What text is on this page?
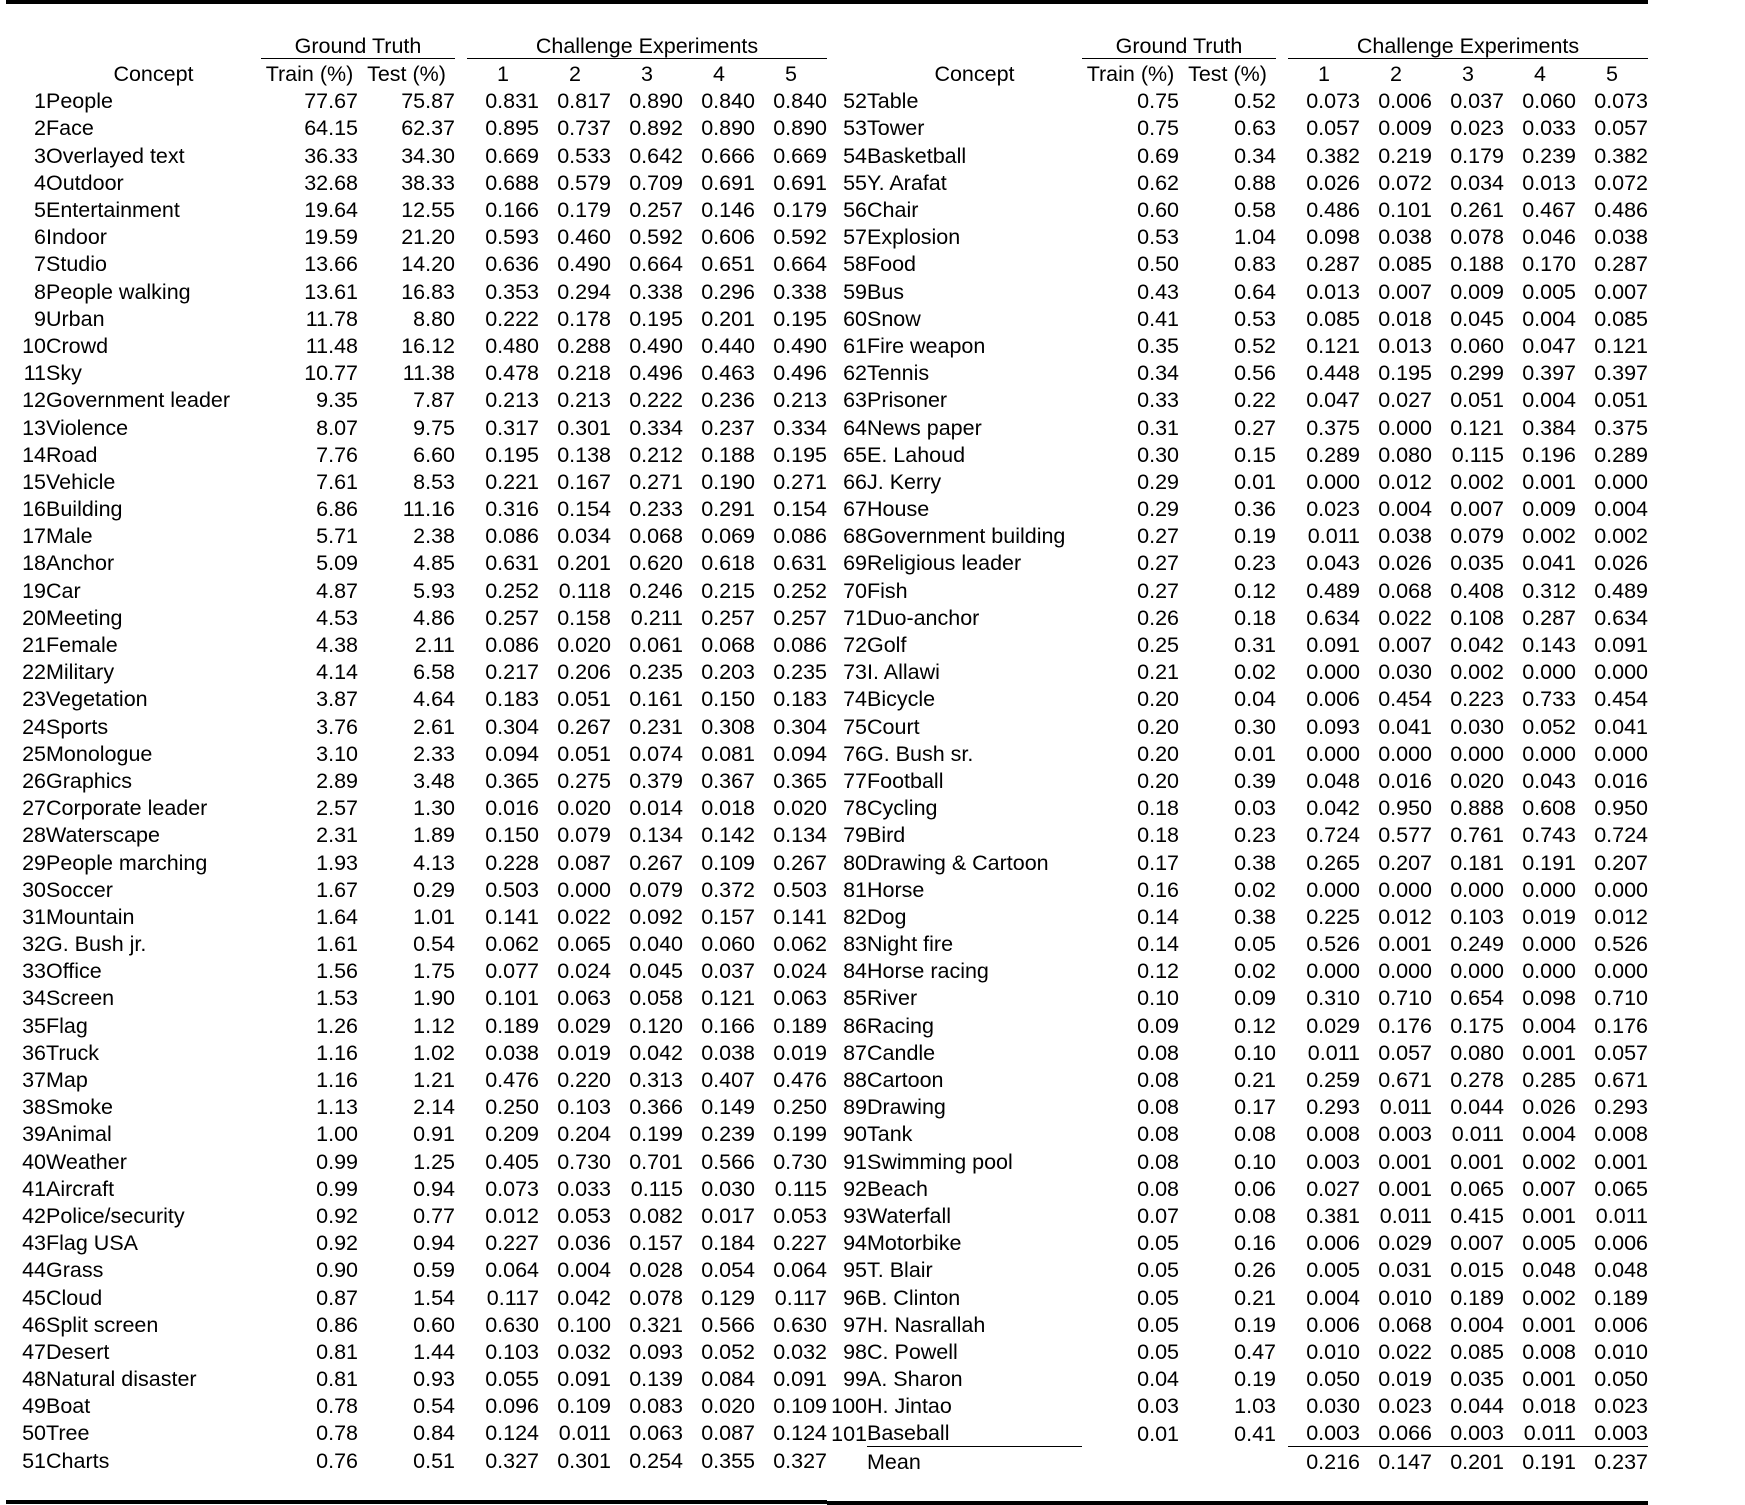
		Ground Truth			Challenge Experiments				
	Concept	Train (%)	Test (%)		1	2	3	4	5
1	People	77.67	75.87		0.831	0.817	0.890	0.840	0.840
2	Face	64.15	62.37		0.895	0.737	0.892	0.890	0.890
3	Overlayed text	36.33	34.30		0.669	0.533	0.642	0.666	0.669
4	Outdoor	32.68	38.33		0.688	0.579	0.709	0.691	0.691
5	Entertainment	19.64	12.55		0.166	0.179	0.257	0.146	0.179
6	Indoor	19.59	21.20		0.593	0.460	0.592	0.606	0.592
7	Studio	13.66	14.20		0.636	0.490	0.664	0.651	0.664
8	People walking	13.61	16.83		0.353	0.294	0.338	0.296	0.338
9	Urban	11.78	8.80		0.222	0.178	0.195	0.201	0.195
10	Crowd	11.48	16.12		0.480	0.288	0.490	0.440	0.490
11	Sky	10.77	11.38		0.478	0.218	0.496	0.463	0.496
12	Government leader	9.35	7.87		0.213	0.213	0.222	0.236	0.213
13	Violence	8.07	9.75		0.317	0.301	0.334	0.237	0.334
14	Road	7.76	6.60		0.195	0.138	0.212	0.188	0.195
15	Vehicle	7.61	8.53		0.221	0.167	0.271	0.190	0.271
16	Building	6.86	11.16		0.316	0.154	0.233	0.291	0.154
17	Male	5.71	2.38		0.086	0.034	0.068	0.069	0.086
18	Anchor	5.09	4.85		0.631	0.201	0.620	0.618	0.631
19	Car	4.87	5.93		0.252	0.118	0.246	0.215	0.252
20	Meeting	4.53	4.86		0.257	0.158	0.211	0.257	0.257
21	Female	4.38	2.11		0.086	0.020	0.061	0.068	0.086
22	Military	4.14	6.58		0.217	0.206	0.235	0.203	0.235
23	Vegetation	3.87	4.64		0.183	0.051	0.161	0.150	0.183
24	Sports	3.76	2.61		0.304	0.267	0.231	0.308	0.304
25	Monologue	3.10	2.33		0.094	0.051	0.074	0.081	0.094
26	Graphics	2.89	3.48		0.365	0.275	0.379	0.367	0.365
27	Corporate leader	2.57	1.30		0.016	0.020	0.014	0.018	0.020
28	Waterscape	2.31	1.89		0.150	0.079	0.134	0.142	0.134
29	People marching	1.93	4.13		0.228	0.087	0.267	0.109	0.267
30	Soccer	1.67	0.29		0.503	0.000	0.079	0.372	0.503
31	Mountain	1.64	1.01		0.141	0.022	0.092	0.157	0.141
32	G. Bush jr.	1.61	0.54		0.062	0.065	0.040	0.060	0.062
33	Office	1.56	1.75		0.077	0.024	0.045	0.037	0.024
34	Screen	1.53	1.90		0.101	0.063	0.058	0.121	0.063
35	Flag	1.26	1.12		0.189	0.029	0.120	0.166	0.189
36	Truck	1.16	1.02		0.038	0.019	0.042	0.038	0.019
37	Map	1.16	1.21		0.476	0.220	0.313	0.407	0.476
38	Smoke	1.13	2.14		0.250	0.103	0.366	0.149	0.250
39	Animal	1.00	0.91		0.209	0.204	0.199	0.239	0.199
40	Weather	0.99	1.25		0.405	0.730	0.701	0.566	0.730
41	Aircraft	0.99	0.94		0.073	0.033	0.115	0.030	0.115
42	Police/security	0.92	0.77		0.012	0.053	0.082	0.017	0.053
43	Flag USA	0.92	0.94		0.227	0.036	0.157	0.184	0.227
44	Grass	0.90	0.59		0.064	0.004	0.028	0.054	0.064
45	Cloud	0.87	1.54		0.117	0.042	0.078	0.129	0.117
46	Split screen	0.86	0.60		0.630	0.100	0.321	0.566	0.630
47	Desert	0.81	1.44		0.103	0.032	0.093	0.052	0.032
48	Natural disaster	0.81	0.93		0.055	0.091	0.139	0.084	0.091
49	Boat	0.78	0.54		0.096	0.109	0.083	0.020	0.109
50	Tree	0.78	0.84		0.124	0.011	0.063	0.087	0.124
51	Charts	0.76	0.51		0.327	0.301	0.254	0.355	0.327

		Ground Truth			Challenge Experiments				
	Concept	Train (%)	Test (%)		1	2	3	4	5
52	Table	0.75	0.52		0.073	0.006	0.037	0.060	0.073
53	Tower	0.75	0.63		0.057	0.009	0.023	0.033	0.057
54	Basketball	0.69	0.34		0.382	0.219	0.179	0.239	0.382
55	Y. Arafat	0.62	0.88		0.026	0.072	0.034	0.013	0.072
56	Chair	0.60	0.58		0.486	0.101	0.261	0.467	0.486
57	Explosion	0.53	1.04		0.098	0.038	0.078	0.046	0.038
58	Food	0.50	0.83		0.287	0.085	0.188	0.170	0.287
59	Bus	0.43	0.64		0.013	0.007	0.009	0.005	0.007
60	Snow	0.41	0.53		0.085	0.018	0.045	0.004	0.085
61	Fire weapon	0.35	0.52		0.121	0.013	0.060	0.047	0.121
62	Tennis	0.34	0.56		0.448	0.195	0.299	0.397	0.397
63	Prisoner	0.33	0.22		0.047	0.027	0.051	0.004	0.051
64	News paper	0.31	0.27		0.375	0.000	0.121	0.384	0.375
65	E. Lahoud	0.30	0.15		0.289	0.080	0.115	0.196	0.289
66	J. Kerry	0.29	0.01		0.000	0.012	0.002	0.001	0.000
67	House	0.29	0.36		0.023	0.004	0.007	0.009	0.004
68	Government building	0.27	0.19		0.011	0.038	0.079	0.002	0.002
69	Religious leader	0.27	0.23		0.043	0.026	0.035	0.041	0.026
70	Fish	0.27	0.12		0.489	0.068	0.408	0.312	0.489
71	Duo-anchor	0.26	0.18		0.634	0.022	0.108	0.287	0.634
72	Golf	0.25	0.31		0.091	0.007	0.042	0.143	0.091
73	I. Allawi	0.21	0.02		0.000	0.030	0.002	0.000	0.000
74	Bicycle	0.20	0.04		0.006	0.454	0.223	0.733	0.454
75	Court	0.20	0.30		0.093	0.041	0.030	0.052	0.041
76	G. Bush sr.	0.20	0.01		0.000	0.000	0.000	0.000	0.000
77	Football	0.20	0.39		0.048	0.016	0.020	0.043	0.016
78	Cycling	0.18	0.03		0.042	0.950	0.888	0.608	0.950
79	Bird	0.18	0.23		0.724	0.577	0.761	0.743	0.724
80	Drawing & Cartoon	0.17	0.38		0.265	0.207	0.181	0.191	0.207
81	Horse	0.16	0.02		0.000	0.000	0.000	0.000	0.000
82	Dog	0.14	0.38		0.225	0.012	0.103	0.019	0.012
83	Night fire	0.14	0.05		0.526	0.001	0.249	0.000	0.526
84	Horse racing	0.12	0.02		0.000	0.000	0.000	0.000	0.000
85	River	0.10	0.09		0.310	0.710	0.654	0.098	0.710
86	Racing	0.09	0.12		0.029	0.176	0.175	0.004	0.176
87	Candle	0.08	0.10		0.011	0.057	0.080	0.001	0.057
88	Cartoon	0.08	0.21		0.259	0.671	0.278	0.285	0.671
89	Drawing	0.08	0.17		0.293	0.011	0.044	0.026	0.293
90	Tank	0.08	0.08		0.008	0.003	0.011	0.004	0.008
91	Swimming pool	0.08	0.10		0.003	0.001	0.001	0.002	0.001
92	Beach	0.08	0.06		0.027	0.001	0.065	0.007	0.065
93	Waterfall	0.07	0.08		0.381	0.011	0.415	0.001	0.011
94	Motorbike	0.05	0.16		0.006	0.029	0.007	0.005	0.006
95	T. Blair	0.05	0.26		0.005	0.031	0.015	0.048	0.048
96	B. Clinton	0.05	0.21		0.004	0.010	0.189	0.002	0.189
97	H. Nasrallah	0.05	0.19		0.006	0.068	0.004	0.001	0.006
98	C. Powell	0.05	0.47		0.010	0.022	0.085	0.008	0.010
99	A. Sharon	0.04	0.19		0.050	0.019	0.035	0.001	0.050
100	H. Jintao	0.03	1.03		0.030	0.023	0.044	0.018	0.023
101	Baseball	0.01	0.41		0.003	0.066	0.003	0.011	0.003
	Mean				0.216	0.147	0.201	0.191	0.237
